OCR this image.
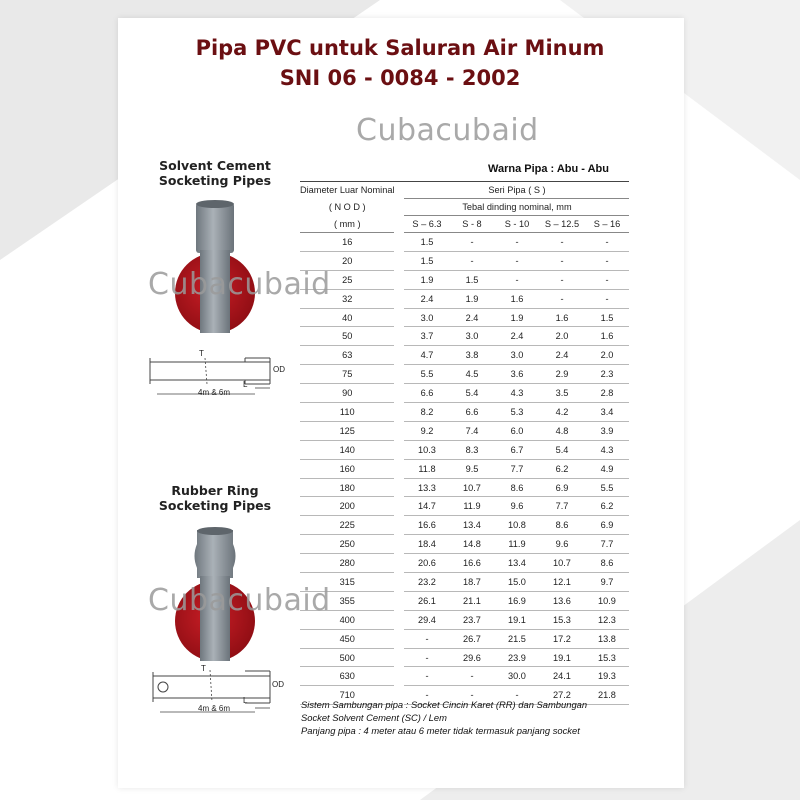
Pipa PVC untuk Saluran Air Minum
SNI 06 - 0084 - 2002
Solvent Cement
Socketing Pipes
T
OD
4m & 6m
L
Rubber Ring
Socketing Pipes
T
OD
4m & 6m
L
Warna Pipa : Abu - Abu
Diameter Luar Nominal		Seri Pipa ( S )				
( N O D )		Tebal dinding nominal, mm				
( mm )		S – 6.3	S - 8	S - 10	S – 12.5	S – 16
16		1.5	-	-	-	-
20		1.5	-	-	-	-
25		1.9	1.5	-	-	-
32		2.4	1.9	1.6	-	-
40		3.0	2.4	1.9	1.6	1.5
50		3.7	3.0	2.4	2.0	1.6
63		4.7	3.8	3.0	2.4	2.0
75		5.5	4.5	3.6	2.9	2.3
90		6.6	5.4	4.3	3.5	2.8
110		8.2	6.6	5.3	4.2	3.4
125		9.2	7.4	6.0	4.8	3.9
140		10.3	8.3	6.7	5.4	4.3
160		11.8	9.5	7.7	6.2	4.9
180		13.3	10.7	8.6	6.9	5.5
200		14.7	11.9	9.6	7.7	6.2
225		16.6	13.4	10.8	8.6	6.9
250		18.4	14.8	11.9	9.6	7.7
280		20.6	16.6	13.4	10.7	8.6
315		23.2	18.7	15.0	12.1	9.7
355		26.1	21.1	16.9	13.6	10.9
400		29.4	23.7	19.1	15.3	12.3
450		-	26.7	21.5	17.2	13.8
500		-	29.6	23.9	19.1	15.3
630		-	-	30.0	24.1	19.3
710		-	-	-	27.2	21.8
Sistem Sambungan pipa : Socket Cincin Karet (RR) dan Sambungan
Socket Solvent Cement (SC) / Lem
Panjang pipa : 4 meter atau 6 meter tidak termasuk panjang socket
Cubacubaid
Cubacubaid
Cubacubaid
